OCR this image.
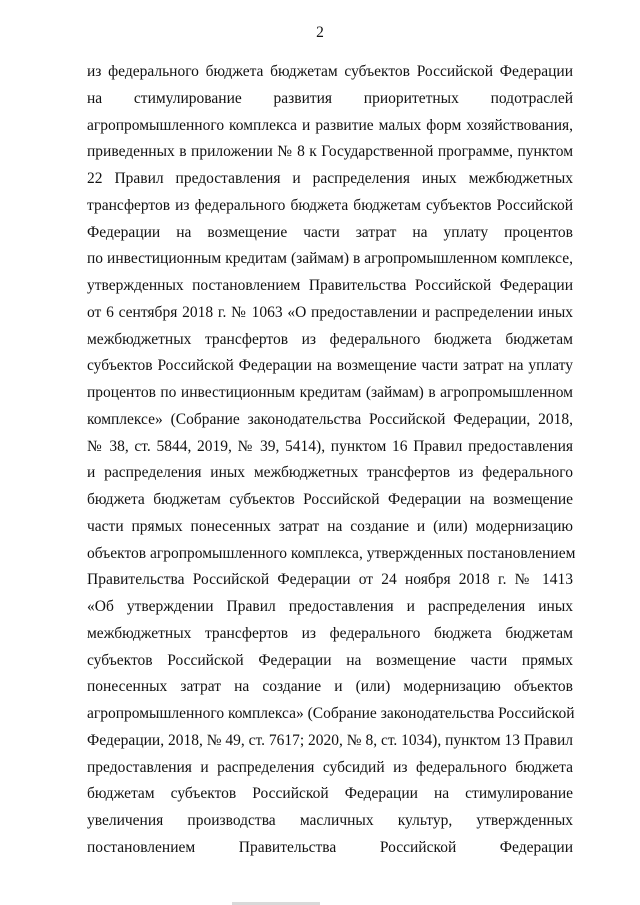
2
из федерального бюджета бюджетам субъектов Российской Федерации
на стимулирование развития приоритетных подотраслей
агропромышленного комплекса и развитие малых форм хозяйствования,
приведенных в приложении № 8 к Государственной программе, пунктом
22 Правил предоставления и распределения иных межбюджетных
трансфертов из федерального бюджета бюджетам субъектов Российской
Федерации на возмещение части затрат на уплату процентов
по инвестиционным кредитам (займам) в агропромышленном комплексе,
утвержденных постановлением Правительства Российской Федерации
от 6 сентября 2018 г. № 1063 «О предоставлении и распределении иных
межбюджетных трансфертов из федерального бюджета бюджетам
субъектов Российской Федерации на возмещение части затрат на уплату
процентов по инвестиционным кредитам (займам) в агропромышленном
комплексе» (Собрание законодательства Российской Федерации, 2018,
№ 38, ст. 5844, 2019, № 39, 5414), пунктом 16 Правил предоставления
и распределения иных межбюджетных трансфертов из федерального
бюджета бюджетам субъектов Российской Федерации на возмещение
части прямых понесенных затрат на создание и (или) модернизацию
объектов агропромышленного комплекса, утвержденных постановлением
Правительства Российской Федерации от 24 ноября 2018 г. № 1413
«Об утверждении Правил предоставления и распределения иных
межбюджетных трансфертов из федерального бюджета бюджетам
субъектов Российской Федерации на возмещение части прямых
понесенных затрат на создание и (или) модернизацию объектов
агропромышленного комплекса» (Собрание законодательства Российской
Федерации, 2018, № 49, ст. 7617; 2020, № 8, ст. 1034), пунктом 13 Правил
предоставления и распределения субсидий из федерального бюджета
бюджетам субъектов Российской Федерации на стимулирование
увеличения производства масличных культур, утвержденных
постановлением Правительства Российской Федерации
